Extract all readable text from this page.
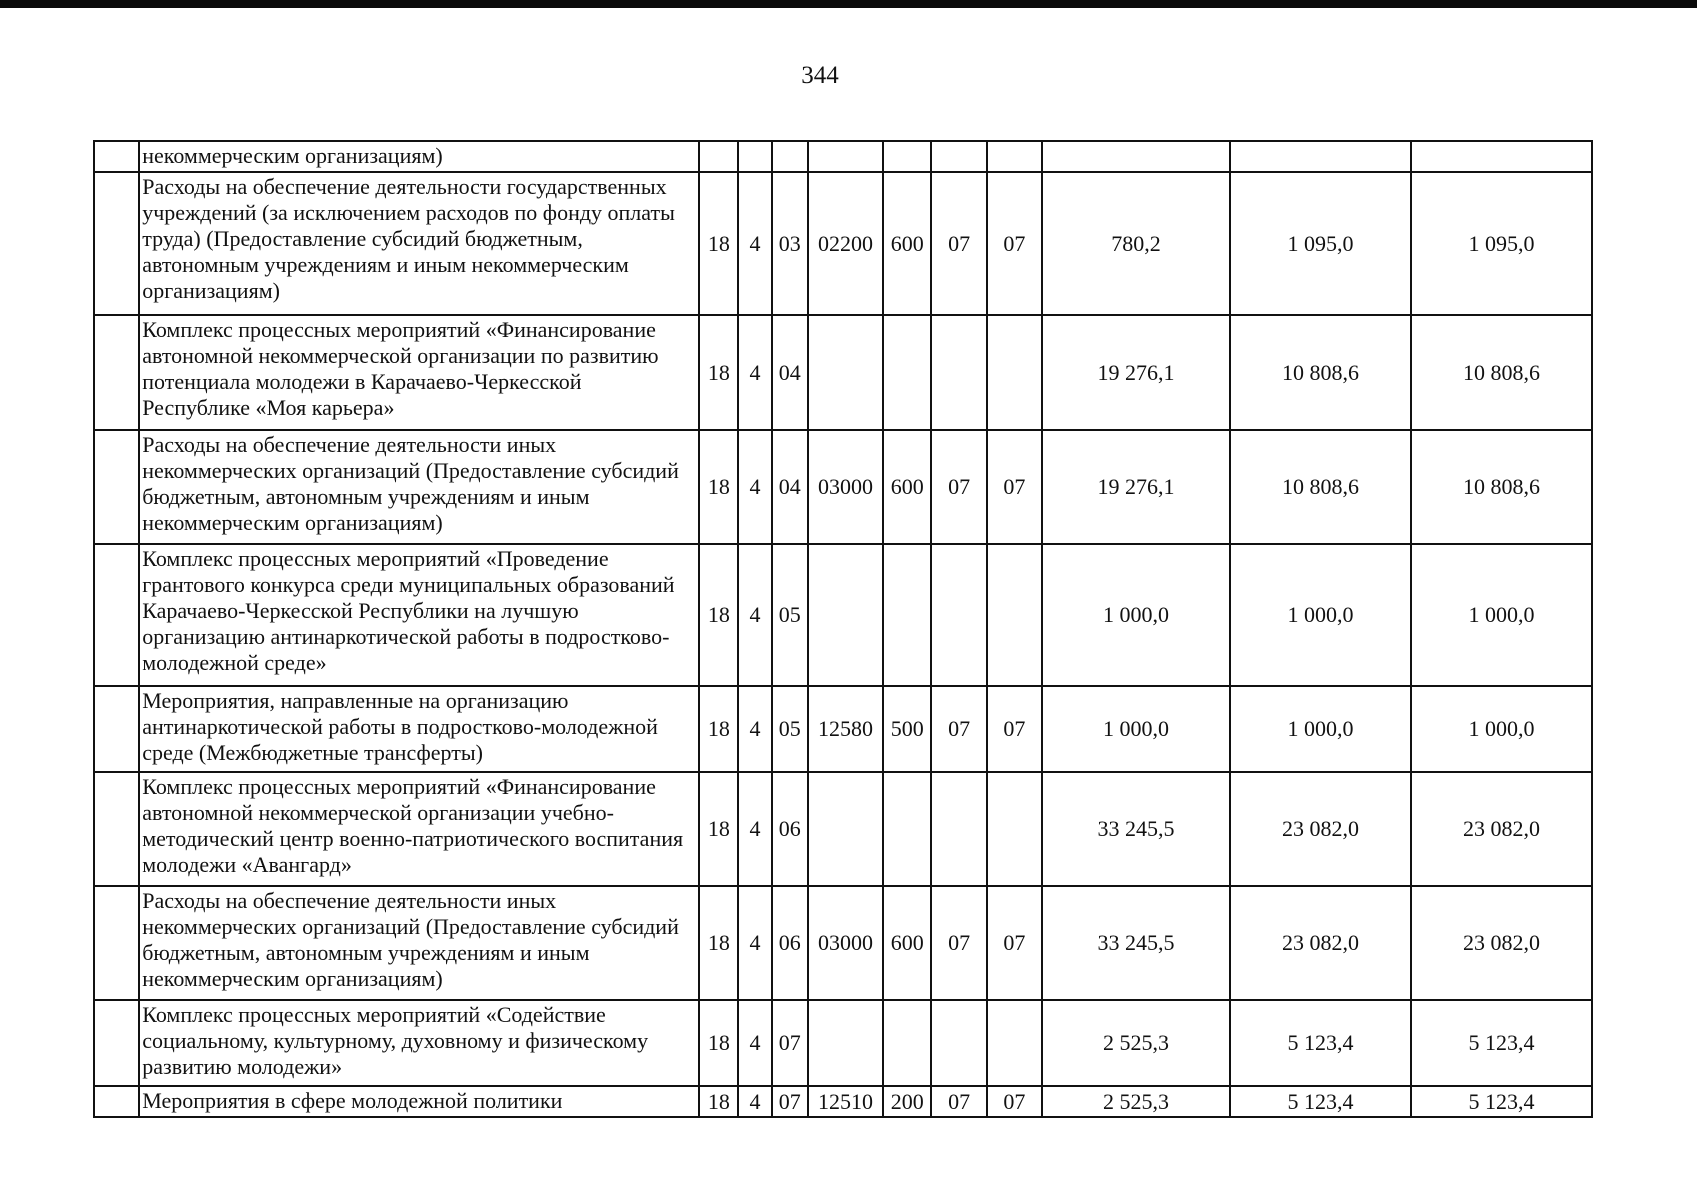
344
	некоммерческим организациям)										
	Расходы на обеспечение деятельности государственных учреждений (за исключением расходов по фонду оплаты труда) (Предоставление субсидий бюджетным, автономным учреждениям и иным некоммерческим организациям)	18	4	03	02200	600	07	07	780,2	1 095,0	1 095,0
	Комплекс процессных мероприятий «Финансирование автономной некоммерческой организации по развитию потенциала молодежи в Карачаево-Черкесской Республике «Моя карьера»	18	4	04					19 276,1	10 808,6	10 808,6
	Расходы на обеспечение деятельности иных некоммерческих организаций (Предоставление субсидий бюджетным, автономным учреждениям и иным некоммерческим организациям)	18	4	04	03000	600	07	07	19 276,1	10 808,6	10 808,6
	Комплекс процессных мероприятий «Проведение грантового конкурса среди муниципальных образований Карачаево-Черкесской Республики на лучшую организацию антинаркотической работы в подростково-молодежной среде»	18	4	05					1 000,0	1 000,0	1 000,0
	Мероприятия, направленные на организацию антинаркотической работы в подростково-молодежной среде (Межбюджетные трансферты)	18	4	05	12580	500	07	07	1 000,0	1 000,0	1 000,0
	Комплекс процессных мероприятий «Финансирование автономной некоммерческой организации учебно-методический центр военно-патриотического воспитания молодежи «Авангард»	18	4	06					33 245,5	23 082,0	23 082,0
	Расходы на обеспечение деятельности иных некоммерческих организаций (Предоставление субсидий бюджетным, автономным учреждениям и иным некоммерческим организациям)	18	4	06	03000	600	07	07	33 245,5	23 082,0	23 082,0
	Комплекс процессных мероприятий «Содействие социальному, культурному, духовному и физическому развитию молодежи»	18	4	07					2 525,3	5 123,4	5 123,4
	Мероприятия в сфере молодежной политики	18	4	07	12510	200	07	07	2 525,3	5 123,4	5 123,4
